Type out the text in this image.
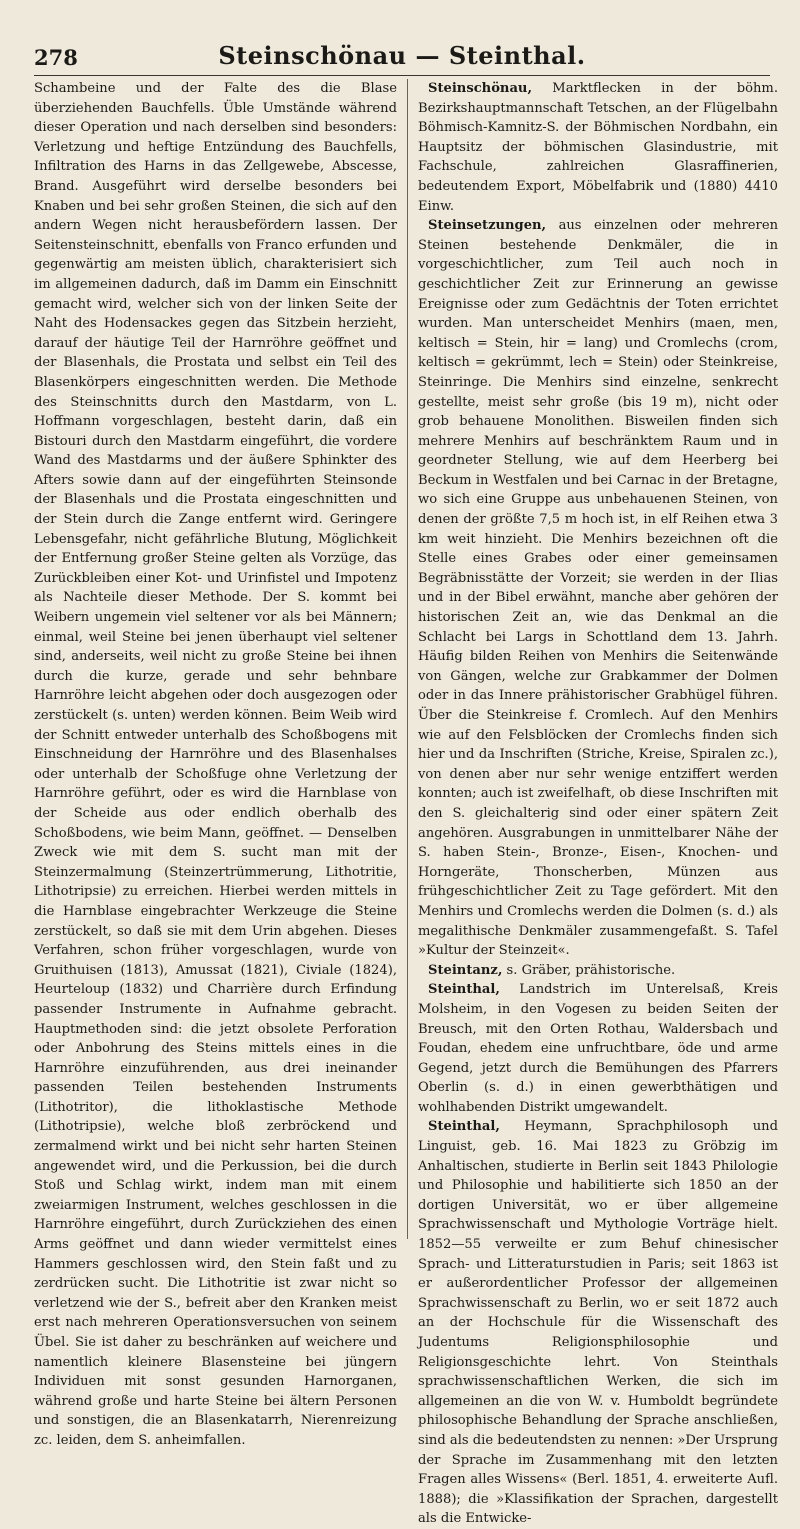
278	Steinschönau — Steinthal.

Schambeine und der Falte des die Blase überziehenden Bauchfells. Üble Umstände während dieser Operation und nach derselben sind besonders: Verletzung und heftige Entzündung des Bauchfells, Infiltration des Harns in das Zellgewebe, Abscesse, Brand. Ausgeführt wird derselbe besonders bei Knaben und bei sehr großen Steinen, die sich auf den andern Wegen nicht herausbefördern lassen. Der Seitensteinschnitt, ebenfalls von Franco erfunden und gegenwärtig am meisten üblich, charakterisiert sich im allgemeinen dadurch, daß im Damm ein Einschnitt gemacht wird, welcher sich von der linken Seite der Naht des Hodensackes gegen das Sitzbein herzieht, darauf der häutige Teil der Harnröhre geöffnet und der Blasenhals, die Prostata und selbst ein Teil des Blasenkörpers eingeschnitten werden. Die Methode des Steinschnitts durch den Mastdarm, von L. Hoffmann vorgeschlagen, besteht darin, daß ein Bistouri durch den Mastdarm eingeführt, die vordere Wand des Mastdarms und der äußere Sphinkter des Afters sowie dann auf der eingeführten Steinsonde der Blasenhals und die Prostata eingeschnitten und der Stein durch die Zange entfernt wird. Geringere Lebensgefahr, nicht gefährliche Blutung, Möglichkeit der Entfernung großer Steine gelten als Vorzüge, das Zurückbleiben einer Kot- und Urinfistel und Impotenz als Nachteile dieser Methode. Der S. kommt bei Weibern ungemein viel seltener vor als bei Männern; einmal, weil Steine bei jenen überhaupt viel seltener sind, anderseits, weil nicht zu große Steine bei ihnen durch die kurze, gerade und sehr behnbare Harnröhre leicht abgehen oder doch ausgezogen oder zerstückelt (s. unten) werden können. Beim Weib wird der Schnitt entweder unterhalb des Schoßbogens mit Einschneidung der Harnröhre und des Blasenhalses oder unterhalb der Schoßfuge ohne Verletzung der Harnröhre geführt, oder es wird die Harnblase von der Scheide aus oder endlich oberhalb des Schoßbodens, wie beim Mann, geöffnet. — Denselben Zweck wie mit dem S. sucht man mit der Steinzermalmung (Steinzertrümmerung, Lithotritie, Lithotripsie) zu erreichen. Hierbei werden mittels in die Harnblase eingebrachter Werkzeuge die Steine zerstückelt, so daß sie mit dem Urin abgehen. Dieses Verfahren, schon früher vorgeschlagen, wurde von Gruithuisen (1813), Amussat (1821), Civiale (1824), Heurteloup (1832) und Charrière durch Erfindung passender Instrumente in Aufnahme gebracht. Hauptmethoden sind: die jetzt obsolete Perforation oder Anbohrung des Steins mittels eines in die Harnröhre einzuführenden, aus drei ineinander passenden Teilen bestehenden Instruments (Lithotritor), die lithoklastische Methode (Lithotripsie), welche bloß zerbröckend und zermalmend wirkt und bei nicht sehr harten Steinen angewendet wird, und die Perkussion, bei die durch Stoß und Schlag wirkt, indem man mit einem zweiarmigen Instrument, welches geschlossen in die Harnröhre eingeführt, durch Zurückziehen des einen Arms geöffnet und dann wieder vermittelst eines Hammers geschlossen wird, den Stein faßt und zu zerdrücken sucht. Die Lithotritie ist zwar nicht so verletzend wie der S., befreit aber den Kranken meist erst nach mehreren Operationsversuchen von seinem Übel. Sie ist daher zu beschränken auf weichere und namentlich kleinere Blasensteine bei jüngern Individuen mit sonst gesunden Harnorganen, während große und harte Steine bei ältern Personen und sonstigen, die an Blasenkatarrh, Nierenreizung zc. leiden, dem S. anheimfallen.

Steinschönau, Marktflecken in der böhm. Bezirkshauptmannschaft Tetschen, an der Flügelbahn Böhmisch-Kamnitz-S. der Böhmischen Nordbahn, ein Hauptsitz der böhmischen Glasindustrie, mit Fachschule, zahlreichen Glasraffinerien, bedeutendem Export, Möbelfabrik und (1880) 4410 Einw.

Steinsetzungen, aus einzelnen oder mehreren Steinen bestehende Denkmäler, die in vorgeschichtlicher, zum Teil auch noch in geschichtlicher Zeit zur Erinnerung an gewisse Ereignisse oder zum Gedächtnis der Toten errichtet wurden. Man unterscheidet Menhirs (maen, men, keltisch = Stein, hir = lang) und Cromlechs (crom, keltisch = gekrümmt, lech = Stein) oder Steinkreise, Steinringe. Die Menhirs sind einzelne, senkrecht gestellte, meist sehr große (bis 19 m), nicht oder grob behauene Monolithen. Bisweilen finden sich mehrere Menhirs auf beschränktem Raum und in geordneter Stellung, wie auf dem Heerberg bei Beckum in Westfalen und bei Carnac in der Bretagne, wo sich eine Gruppe aus unbehauenen Steinen, von denen der größte 7,5 m hoch ist, in elf Reihen etwa 3 km weit hinzieht. Die Menhirs bezeichnen oft die Stelle eines Grabes oder einer gemeinsamen Begräbnisstätte der Vorzeit; sie werden in der Ilias und in der Bibel erwähnt, manche aber gehören der historischen Zeit an, wie das Denkmal an die Schlacht bei Largs in Schottland dem 13. Jahrh. Häufig bilden Reihen von Menhirs die Seitenwände von Gängen, welche zur Grabkammer der Dolmen oder in das Innere prähistorischer Grabhügel führen. Über die Steinkreise f. Cromlech. Auf den Menhirs wie auf den Felsblöcken der Cromlechs finden sich hier und da Inschriften (Striche, Kreise, Spiralen zc.), von denen aber nur sehr wenige entziffert werden konnten; auch ist zweifelhaft, ob diese Inschriften mit den S. gleichalterig sind oder einer spätern Zeit angehören. Ausgrabungen in unmittelbarer Nähe der S. haben Stein-, Bronze-, Eisen-, Knochen- und Horngeräte, Thonscherben, Münzen aus frühgeschichtlicher Zeit zu Tage gefördert. Mit den Menhirs und Cromlechs werden die Dolmen (s. d.) als megalithische Denkmäler zusammengefaßt. S. Tafel »Kultur der Steinzeit«.

Steintanz, s. Gräber, prähistorische.

Steinthal, Landstrich im Unterelsaß, Kreis Molsheim, in den Vogesen zu beiden Seiten der Breusch, mit den Orten Rothau, Waldersbach und Foudan, ehedem eine unfruchtbare, öde und arme Gegend, jetzt durch die Bemühungen des Pfarrers Oberlin (s. d.) in einen gewerbthätigen und wohlhabenden Distrikt umgewandelt.

Steinthal, Heymann, Sprachphilosoph und Linguist, geb. 16. Mai 1823 zu Gröbzig im Anhaltischen, studierte in Berlin seit 1843 Philologie und Philosophie und habilitierte sich 1850 an der dortigen Universität, wo er über allgemeine Sprachwissenschaft und Mythologie Vorträge hielt. 1852—55 verweilte er zum Behuf chinesischer Sprach- und Litteraturstudien in Paris; seit 1863 ist er außerordentlicher Professor der allgemeinen Sprachwissenschaft zu Berlin, wo er seit 1872 auch an der Hochschule für die Wissenschaft des Judentums Religionsphilosophie und Religionsgeschichte lehrt. Von Steinthals sprachwissenschaftlichen Werken, die sich im allgemeinen an die von W. v. Humboldt begründete philosophische Behandlung der Sprache anschließen, sind als die bedeutendsten zu nennen: »Der Ursprung der Sprache im Zusammenhang mit den letzten Fragen alles Wissens« (Berl. 1851, 4. erweiterte Aufl. 1888); die »Klassifikation der Sprachen, dargestellt als die Entwicke-
